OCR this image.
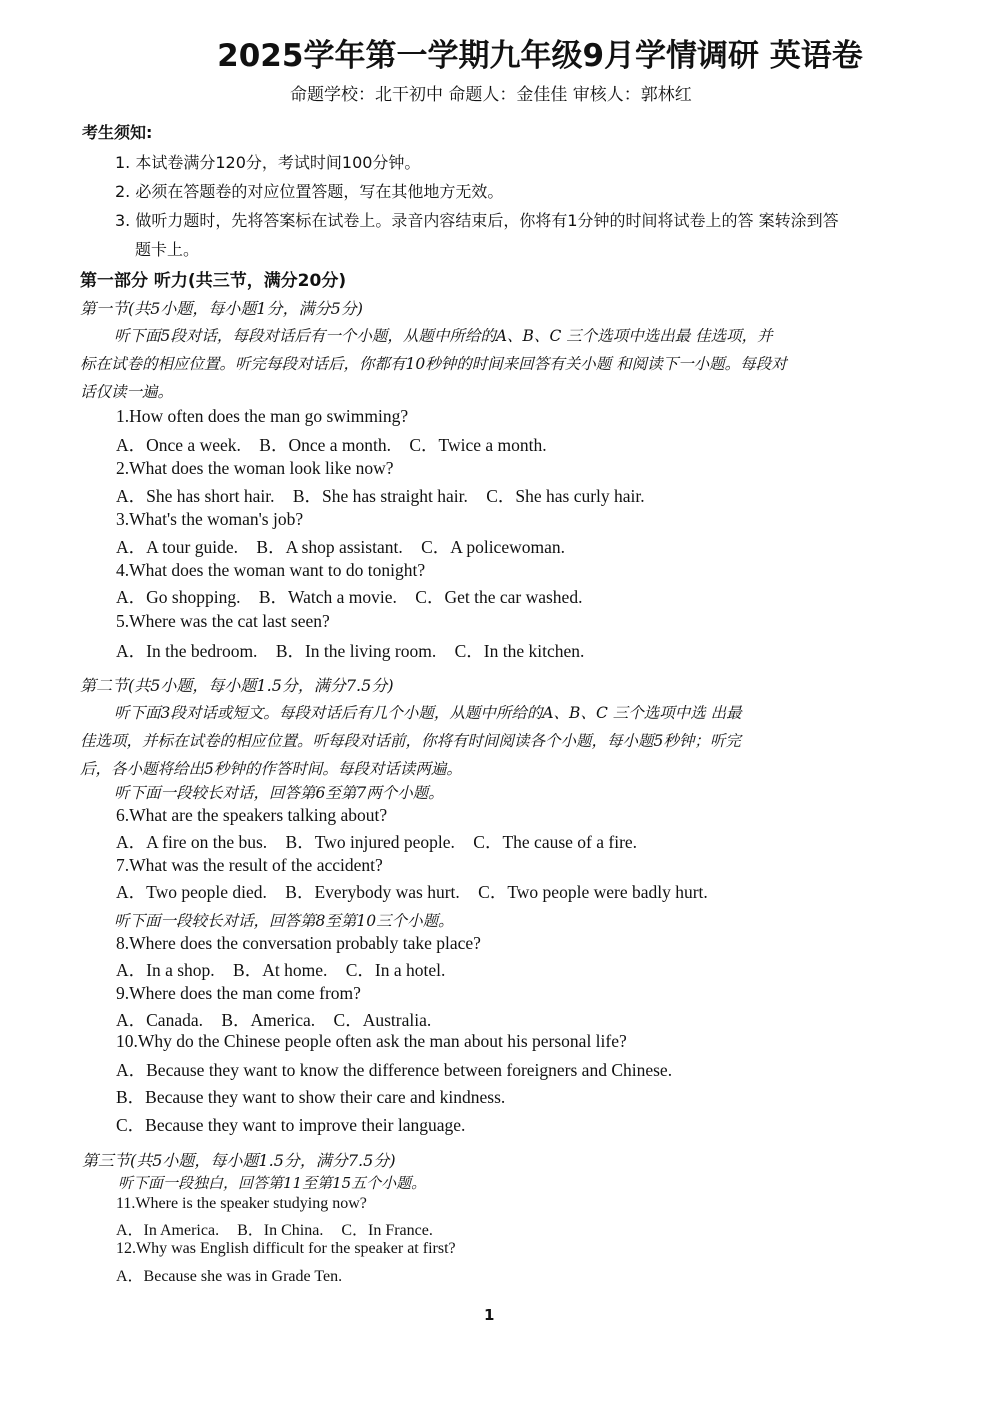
2025学年第一学期九年级9月学情调研 英语卷
命题学校：北干初中 命题人：金佳佳 审核人：郭林红
考生须知:
1. 本试卷满分120分，考试时间100分钟。
2. 必须在答题卷的对应位置答题，写在其他地方无效。
3. 做听力题时，先将答案标在试卷上。录音内容结束后，你将有1分钟的时间将试卷上的答 案转涂到答
题卡上。
第一部分 听力(共三节，满分20分)
第一节(共5小题，每小题1分，满分5分)
听下面5段对话，每段对话后有一个小题，从题中所给的A、B、C 三个选项中选出最 佳选项，并
标在试卷的相应位置。听完每段对话后，你都有10秒钟的时间来回答有关小题 和阅读下一小题。每段对
话仅读一遍。
1.How often does the man go swimming?
A．Once a week. B．Once a month. C．Twice a month.
2.What does the woman look like now?
A．She has short hair. B．She has straight hair. C．She has curly hair.
3.What's the woman's job?
A．A tour guide. B．A shop assistant. C．A policewoman.
4.What does the woman want to do tonight?
A．Go shopping. B．Watch a movie. C．Get the car washed.
5.Where was the cat last seen?
A．In the bedroom. B．In the living room. C．In the kitchen.
第二节(共5小题，每小题1.5分，满分7.5分)
听下面3段对话或短文。每段对话后有几个小题，从题中所给的A、B、C 三个选项中选 出最
佳选项，并标在试卷的相应位置。听每段对话前，你将有时间阅读各个小题，每小题5秒钟；听完
后，各小题将给出5秒钟的作答时间。每段对话读两遍。
听下面一段较长对话，回答第6至第7两个小题。
6.What are the speakers talking about?
A．A fire on the bus. B．Two injured people. C．The cause of a fire.
7.What was the result of the accident?
A．Two people died. B．Everybody was hurt. C．Two people were badly hurt.
听下面一段较长对话，回答第8至第10三个小题。
8.Where does the conversation probably take place?
A．In a shop. B．At home. C．In a hotel.
9.Where does the man come from?
A．Canada. B．America. C．Australia.
10.Why do the Chinese people often ask the man about his personal life?
A．Because they want to know the difference between foreigners and Chinese.
B．Because they want to show their care and kindness.
C．Because they want to improve their language.
第三节(共5小题，每小题1.5分，满分7.5分)
听下面一段独白，回答第11至第15五个小题。
11.Where is the speaker studying now?
A．In America. B．In China. C．In France.
12.Why was English difficult for the speaker at first?
A．Because she was in Grade Ten.
1
